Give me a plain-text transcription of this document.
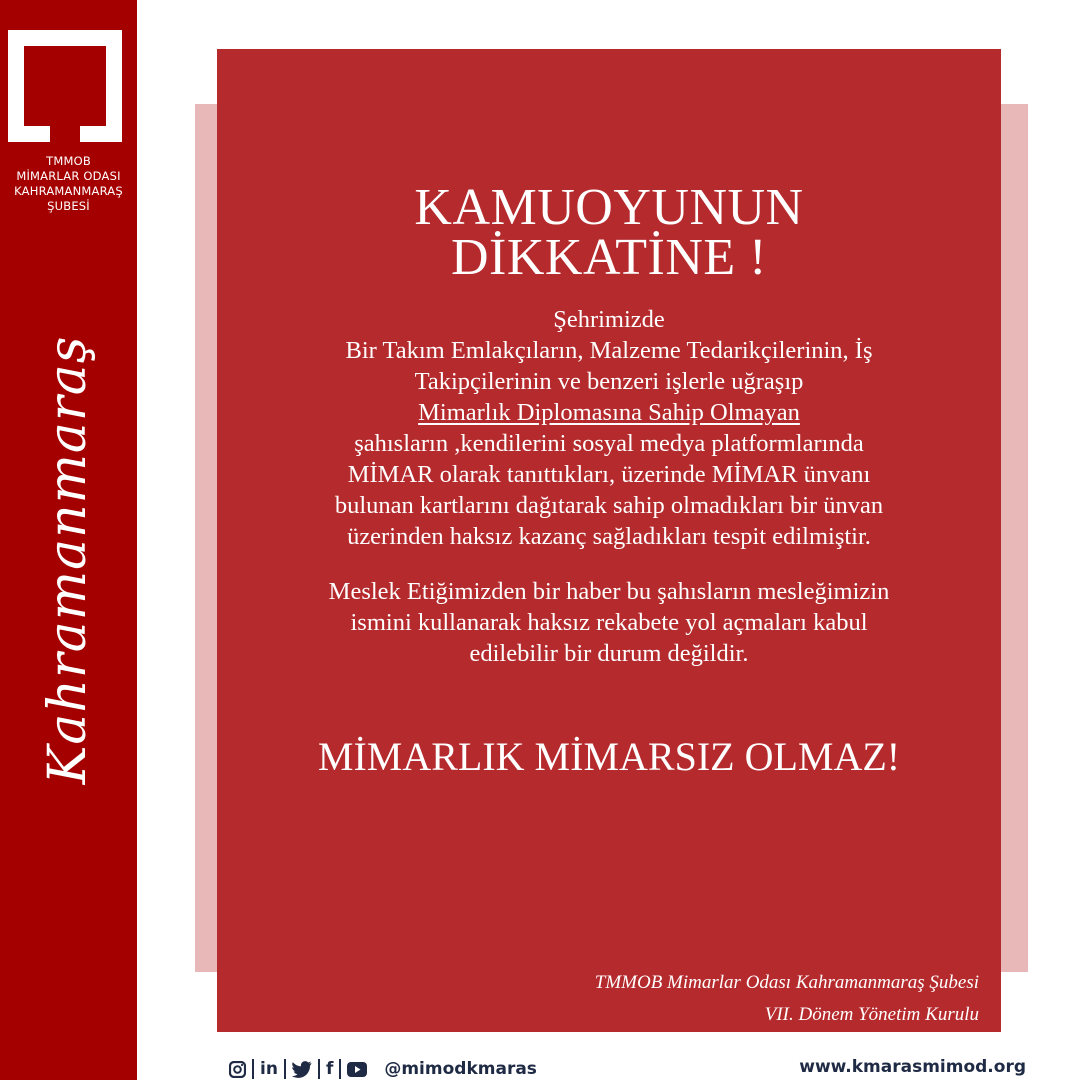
TMMOB
MİMARLAR ODASI
KAHRAMANMARAŞ
ŞUBESİ
Kahramanmaraş
KAMUOYUNUN
DİKKATİNE !

Şehrimizde

Bir Takım Emlakçıların, Malzeme Tedarikçilerinin, İş

Takipçilerinin ve benzeri işlerle uğraşıp

Mimarlık Diplomasına Sahip Olmayan

şahısların ,kendilerini sosyal medya platformlarında

MİMAR olarak tanıttıkları, üzerinde MİMAR ünvanı

bulunan kartlarını dağıtarak sahip olmadıkları bir ünvan

üzerinden haksız kazanç sağladıkları tespit edilmiştir.

Meslek Etiğimizden bir haber bu şahısların mesleğimizin

ismini kullanarak haksız rekabete yol açmaları kabul

edilebilir bir durum değildir.

MİMARLIK MİMARSIZ OLMAZ!
TMMOB Mimarlar Odası Kahramanmaraş Şubesi
VII. Dönem Yönetim Kurulu
in	f	@mimodkmaras	www.kmarasmimod.org
